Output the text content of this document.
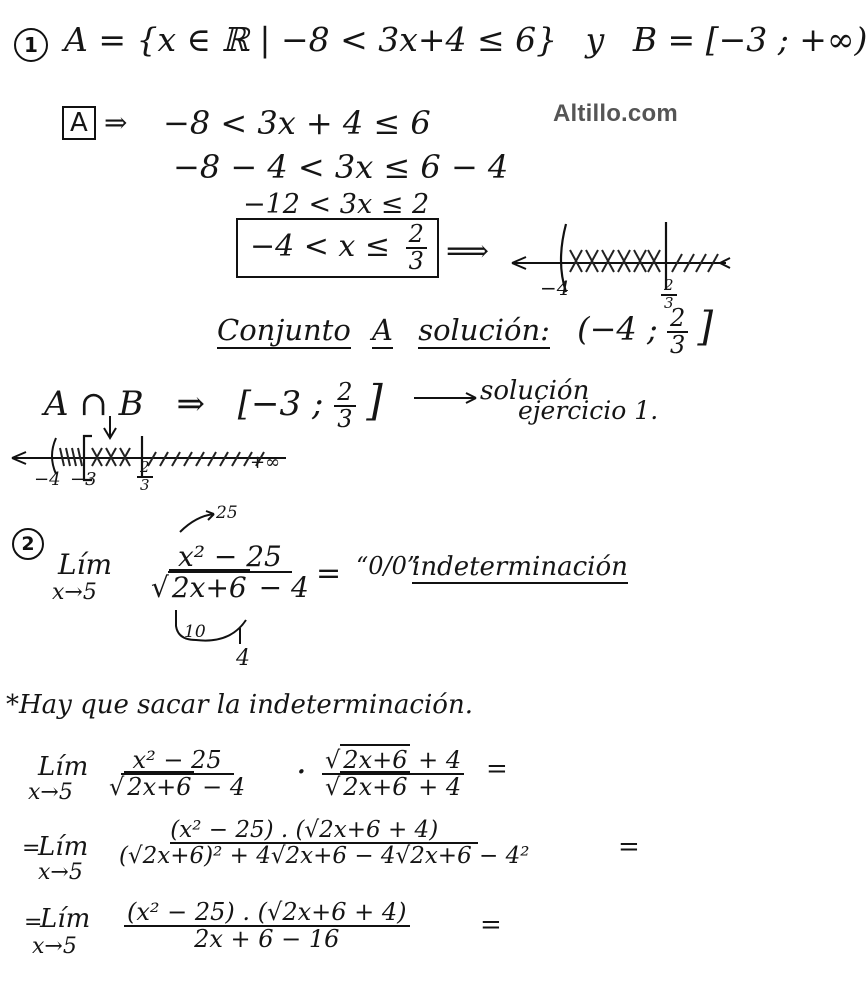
Altillo.com
1 A = {x ∈ ℝ | −8 < 3x+4 ≤ 6} y B = [−3 ; +∞)
A ⇒ −8 < 3x + 4 ≤ 6
−8 − 4 < 3x ≤ 6 − 4
−12 < 3x ≤ 2
$-4 < x \le \frac{2}{3}$ ⟹
−4	$\frac{2}{3}$
Conjunto A solución: (−4 ; $\frac{2}{3}$ ]
A ∩ B ⇒ [−3 ; $\frac{2}{3}$ ]	solución
ejercicio 1.
−4 −3	$\frac{2}{3}$	+∞
2
Lím
x→5
25
$\frac{\text{x² − 25}}{√ 2x+6 - 4}$
10
4
= “0/0”
indeterminación
*Hay que sacar la indeterminación.
Lím
$x\to 5 \frac{\text{x² − 25}}{√ 2x+6 - 4} \cdot \frac{√ 2x+6 + 4}{√ 2x+6 + 4}$ =
=
Lím
x→5
$\frac{\text{(x² − 25) . (√2x+6 + 4)}}{\text{(√2x+6)² + 4√2x+6 − 4√2x+6 − 4²}}$	=
=
Lím
$x\to 5 \frac{\text{(x² − 25) . (√2x+6 + 4)}}{2x + 6 - 16}$	=
